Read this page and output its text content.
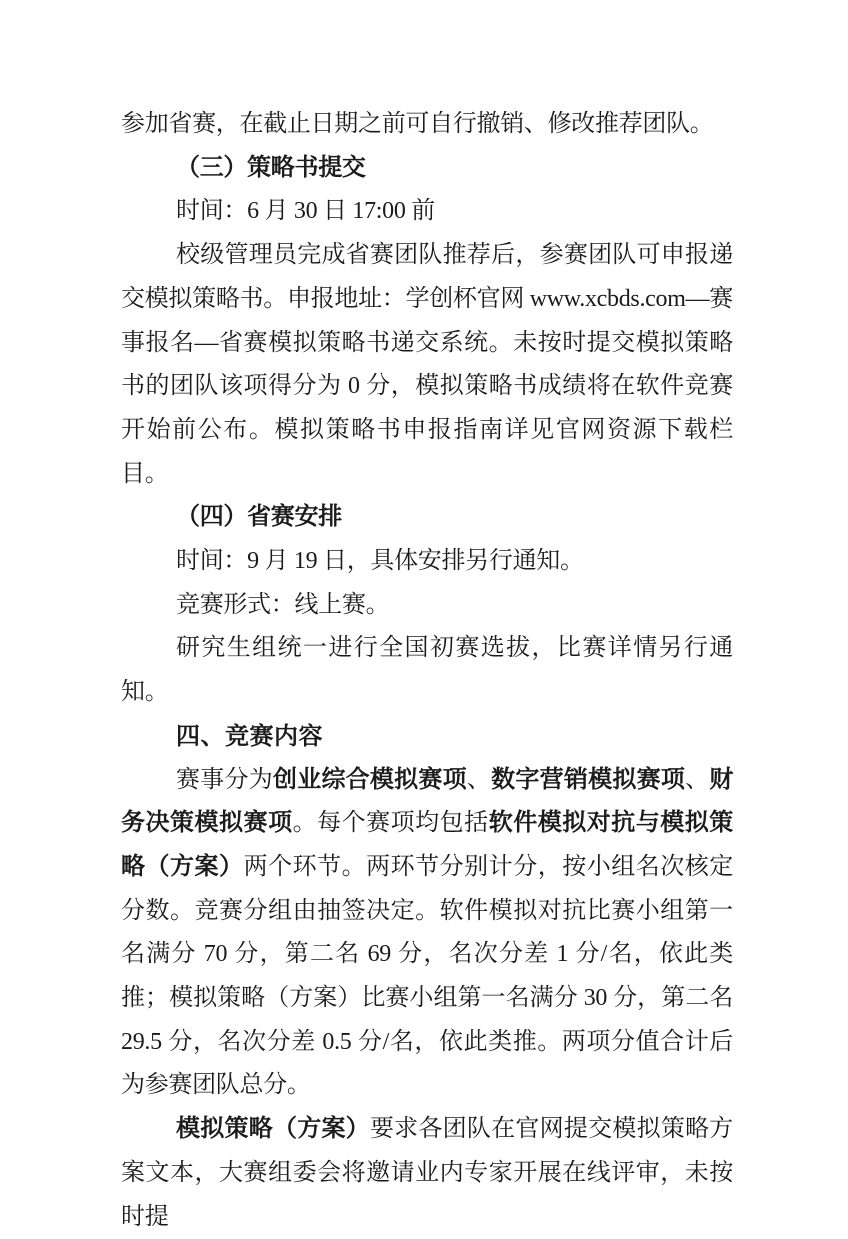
参加省赛，在截止日期之前可自行撤销、修改推荐团队。

（三）策略书提交

时间：6 月 30 日 17:00 前

校级管理员完成省赛团队推荐后，参赛团队可申报递交模拟策略书。申报地址：学创杯官网 www.xcbds.com—赛事报名—省赛模拟策略书递交系统。未按时提交模拟策略书的团队该项得分为 0 分，模拟策略书成绩将在软件竞赛开始前公布。模拟策略书申报指南详见官网资源下载栏目。

（四）省赛安排

时间：9 月 19 日，具体安排另行通知。

竞赛形式：线上赛。

研究生组统一进行全国初赛选拔，比赛详情另行通知。

四、竞赛内容

赛事分为创业综合模拟赛项、数字营销模拟赛项、财务决策模拟赛项。每个赛项均包括软件模拟对抗与模拟策略（方案）两个环节。两环节分别计分，按小组名次核定分数。竞赛分组由抽签决定。软件模拟对抗比赛小组第一名满分 70 分，第二名 69 分，名次分差 1 分/名，依此类推；模拟策略（方案）比赛小组第一名满分 30 分，第二名 29.5 分，名次分差 0.5 分/名，依此类推。两项分值合计后为参赛团队总分。

模拟策略（方案）要求各团队在官网提交模拟策略方案文本，大赛组委会将邀请业内专家开展在线评审，未按时提
